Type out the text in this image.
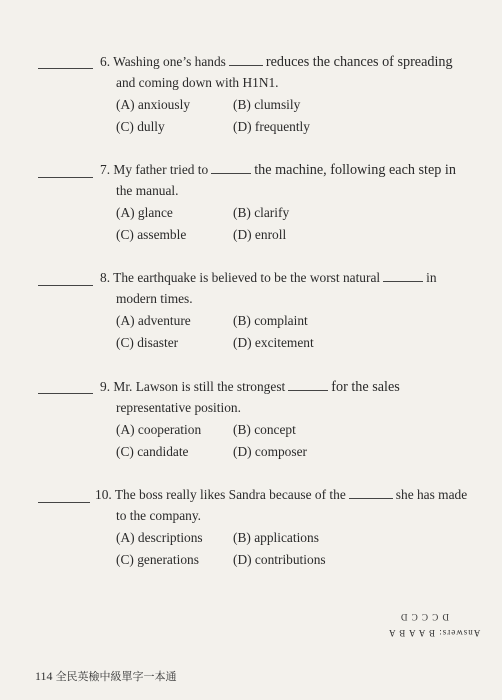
6. Washing one’s hands	reduces the chances of spreading
and coming down with H1N1.
(A) anxiously	(B) clumsily
(C) dully	(D) frequently
7. My father tried to	the machine, following each step in
the manual.
(A) glance	(B) clarify
(C) assemble	(D) enroll
8. The earthquake is believed to be the worst natural	in
modern times.
(A) adventure	(B) complaint
(C) disaster	(D) excitement
9. Mr. Lawson is still the strongest	for the sales
representative position.
(A) cooperation (B) concept
(C) candidate	(D) composer
10. The boss really likes Sandra because of the	she has made
to the company.
(A) descriptions (B) applications
(C) generations	(D) contributions
D C C C D
Answers: B A A B A
114 全民英檢中級單字一本通
